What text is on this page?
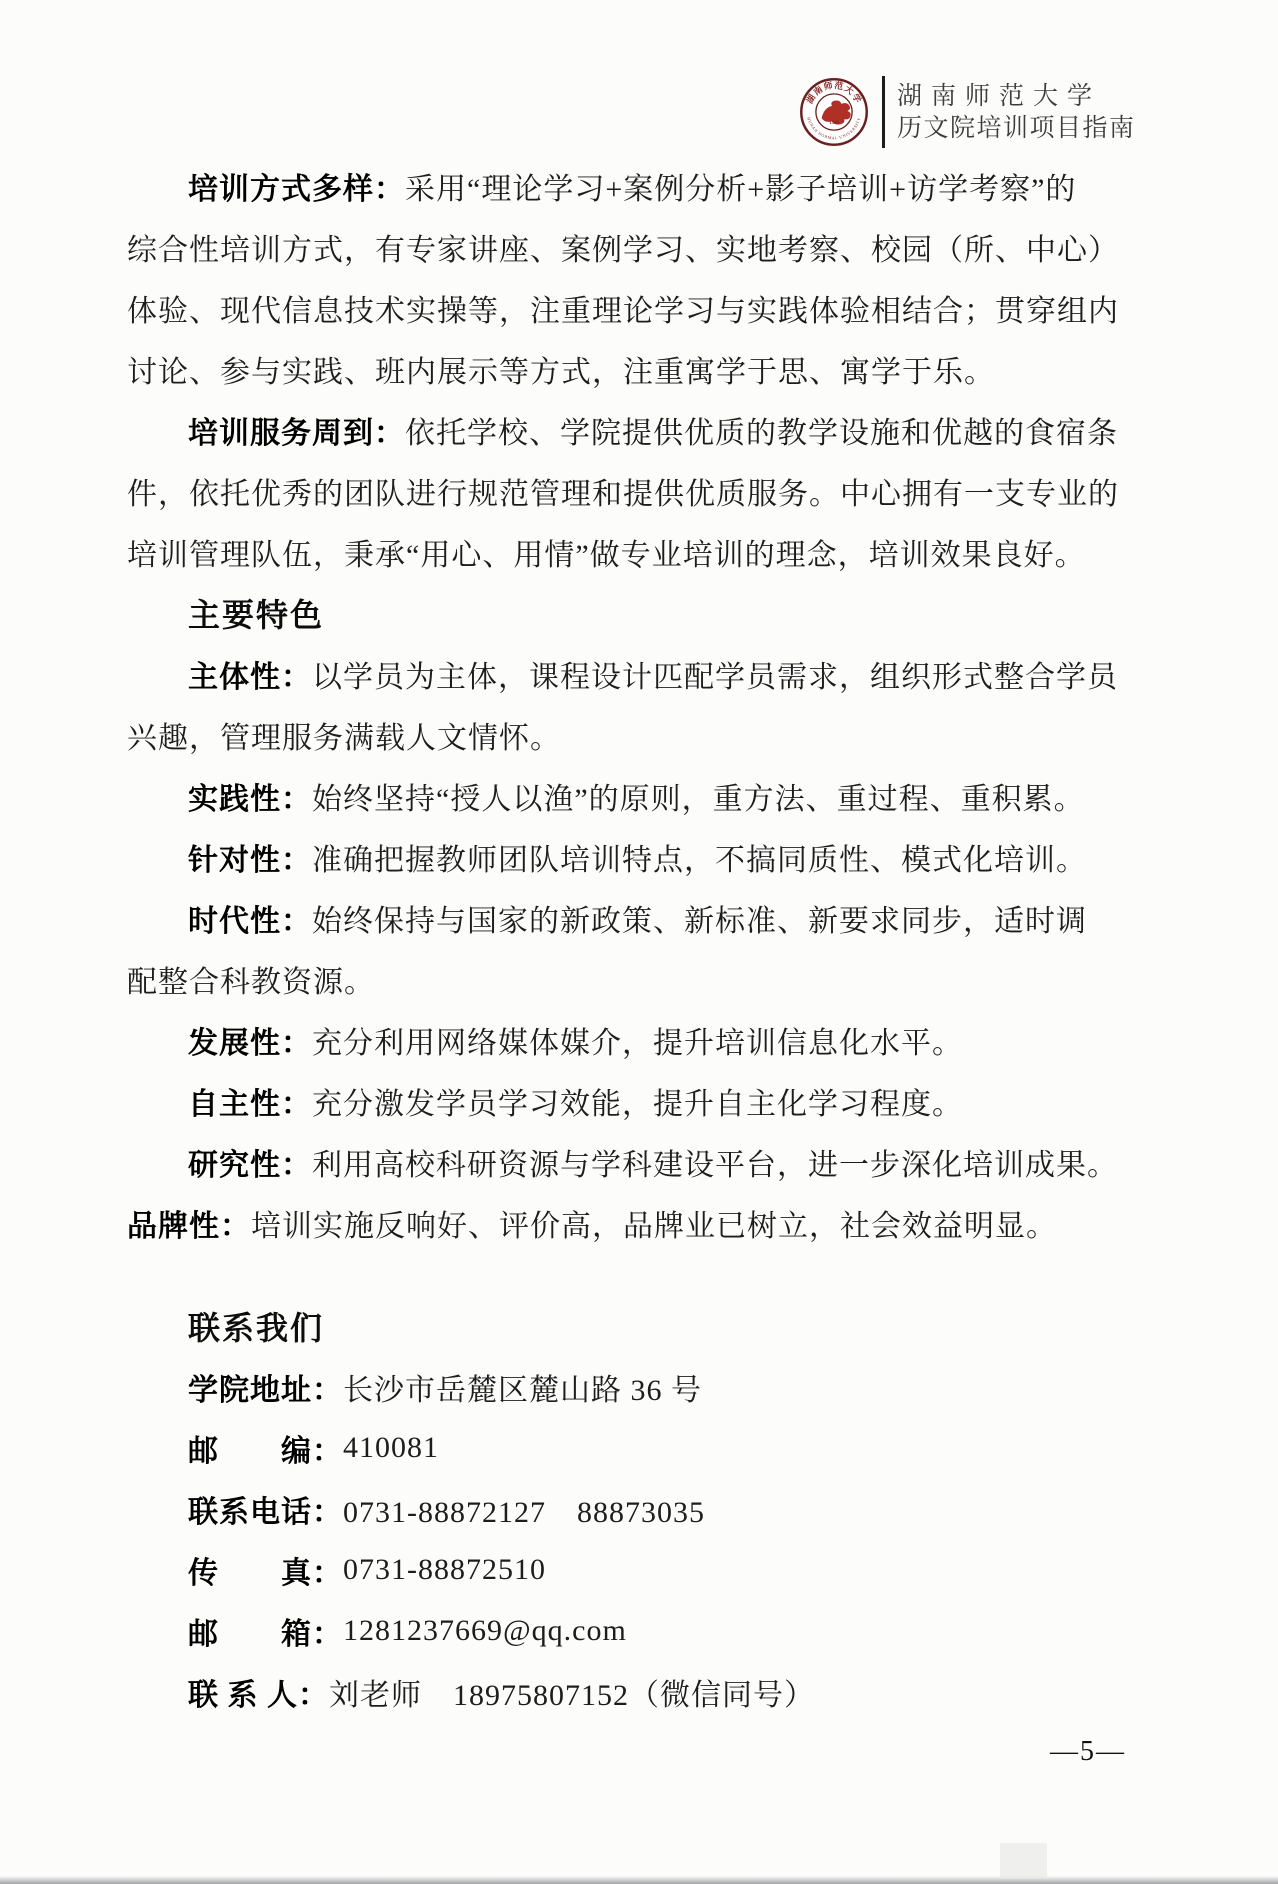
湖南师范大学
HUNAN NORMAL UNIVERSITY
1938
湖南师范大学
历文院培训项目指南
培训方式多样： 采用“理论学习+案例分析+影子培训+访学考察”的
综合性培训方式，有专家讲座、案例学习、实地考察、校园（所、中心）
体验、现代信息技术实操等，注重理论学习与实践体验相结合；贯穿组内
讨论、参与实践、班内展示等方式，注重寓学于思、寓学于乐。
培训服务周到： 依托学校、学院提供优质的教学设施和优越的食宿条
件，依托优秀的团队进行规范管理和提供优质服务。中心拥有一支专业的
培训管理队伍，秉承“用心、用情”做专业培训的理念，培训效果良好。
主要特色
主体性： 以学员为主体，课程设计匹配学员需求，组织形式整合学员
兴趣，管理服务满载人文情怀。
实践性： 始终坚持“授人以渔”的原则，重方法、重过程、重积累。
针对性： 准确把握教师团队培训特点，不搞同质性、模式化培训。
时代性： 始终保持与国家的新政策、新标准、新要求同步，适时调
配整合科教资源。
发展性： 充分利用网络媒体媒介，提升培训信息化水平。
自主性： 充分激发学员学习效能，提升自主化学习程度。
研究性： 利用高校科研资源与学科建设平台，进一步深化培训成果。
品牌性： 培训实施反响好、评价高，品牌业已树立，社会效益明显。
联系我们
学院地址： 长沙市岳麓区麓山路 36 号
邮　　编： 410081
联系电话： 0731-88872127　88873035
传　　真： 0731-88872510
邮　　箱： 1281237669@qq.com
联 系 人： 刘老师　18975807152（微信同号）
—5—
